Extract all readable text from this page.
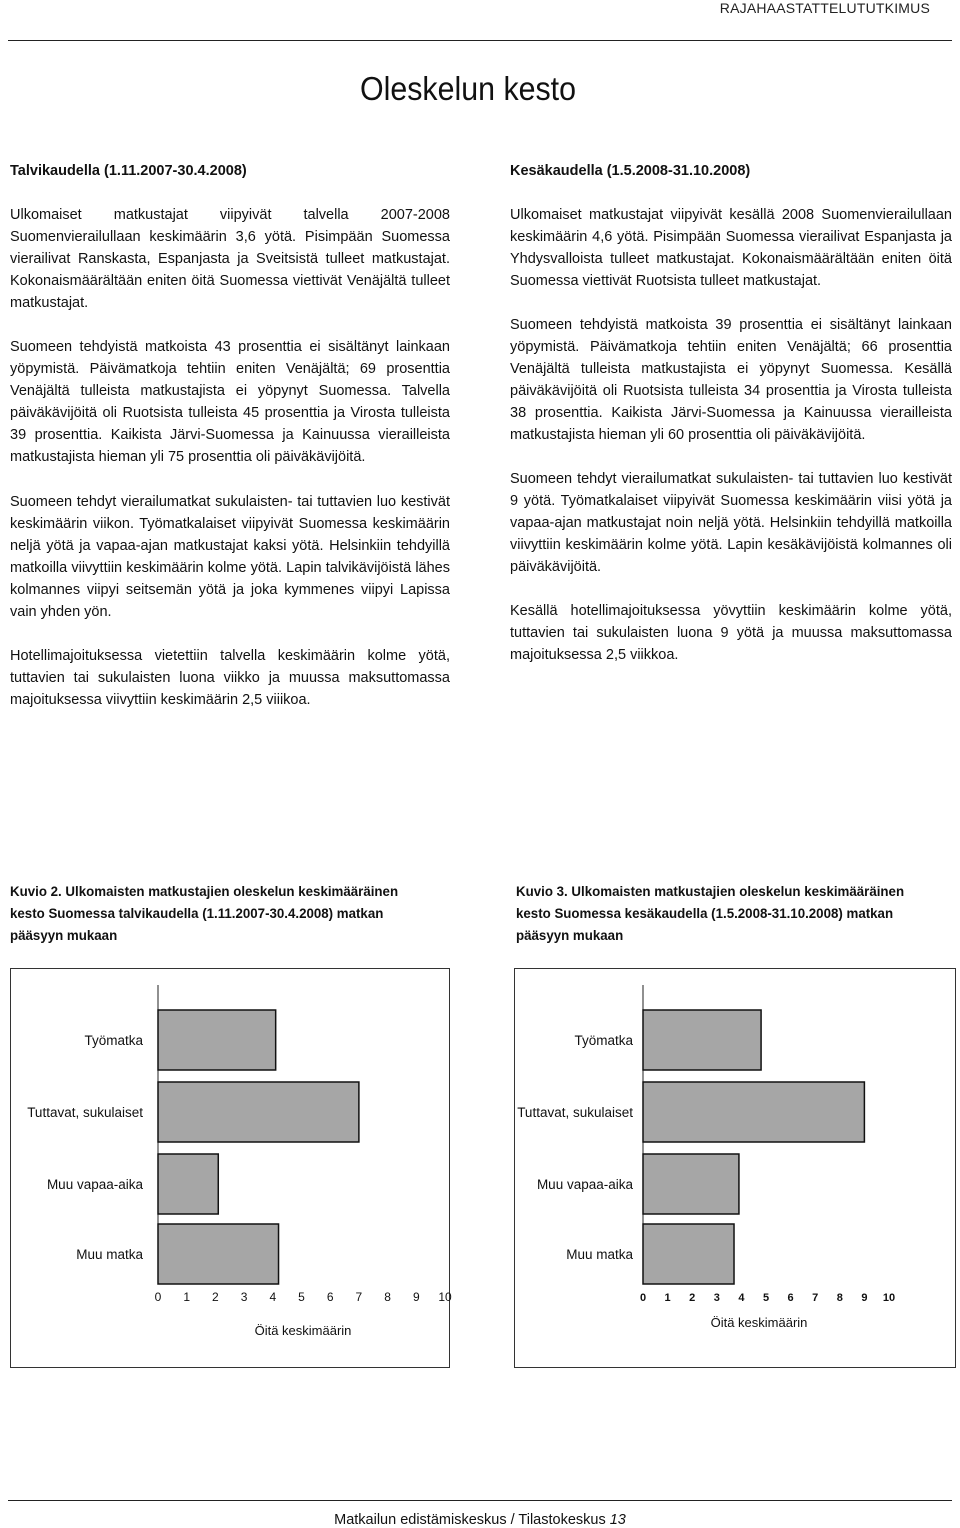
RAJAHAASTATTELUTUTKIMUS
Oleskelun kesto
Talvikaudella (1.11.2007-30.4.2008)

Ulkomaiset matkustajat viipyivät talvella 2007-2008 Suomenvierailullaan keskimäärin 3,6 yötä. Pisimpään Suomessa vierailivat Ranskasta, Espanjasta ja Sveitsistä tulleet matkustajat. Kokonaismäärältään eniten öitä Suomessa viettivät Venäjältä tulleet matkustajat.

Suomeen tehdyistä matkoista 43 prosenttia ei sisältänyt lainkaan yöpymistä. Päivämatkoja tehtiin eniten Venäjältä; 69 prosenttia Venäjältä tulleista matkustajista ei yöpynyt Suomessa. Talvella päiväkävijöitä oli Ruotsista tulleista 45 prosenttia ja Virosta tulleista 39 prosenttia. Kaikista Järvi-Suomessa ja Kainuussa vierailleista matkustajista hieman yli 75 prosenttia oli päiväkävijöitä.

Suomeen tehdyt vierailumatkat sukulaisten- tai tuttavien luo kestivät keskimäärin viikon. Työmatkalaiset viipyivät Suomessa keskimäärin neljä yötä ja vapaa-ajan matkustajat kaksi yötä. Helsinkiin tehdyillä matkoilla viivyttiin keskimäärin kolme yötä. Lapin talvikävijöistä lähes kolmannes viipyi seitsemän yötä ja joka kymmenes viipyi Lapissa vain yhden yön.

Hotellimajoituksessa vietettiin talvella keskimäärin kolme yötä, tuttavien tai sukulaisten luona viikko ja muussa maksuttomassa majoituksessa viivyttiin keskimäärin 2,5 viiikoa.

Kesäkaudella (1.5.2008-31.10.2008)

Ulkomaiset matkustajat viipyivät kesällä 2008 Suomenvierailullaan keskimäärin 4,6 yötä. Pisimpään Suomessa vierailivat Espanjasta ja Yhdysvalloista tulleet matkustajat. Kokonaismäärältään eniten öitä Suomessa viettivät Ruotsista tulleet matkustajat.

Suomeen tehdyistä matkoista 39 prosenttia ei sisältänyt lainkaan yöpymistä. Päivämatkoja tehtiin eniten Venäjältä; 66 prosenttia Venäjältä tulleista matkustajista ei yöpynyt Suomessa. Kesällä päiväkävijöitä oli Ruotsista tulleista 34 prosenttia ja Virosta tulleista 38 prosenttia. Kaikista Järvi-Suomessa ja Kainuussa vierailleista matkustajista hieman yli 60 prosenttia oli päiväkävijöitä.

Suomeen tehdyt vierailumatkat sukulaisten- tai tuttavien luo kestivät 9 yötä. Työmatkalaiset viipyivät Suomessa keskimäärin viisi yötä ja vapaa-ajan matkustajat noin neljä yötä. Helsinkiin tehdyillä matkoilla viivyttiin keskimäärin kolme yötä. Lapin kesäkävijöistä kolmannes oli päiväkävijöitä.

Kesällä hotellimajoituksessa yövyttiin keskimäärin kolme yötä, tuttavien tai sukulaisten luona 9 yötä ja muussa maksuttomassa majoituksessa 2,5 viikkoa.

Kuvio 2. Ulkomaisten matkustajien oleskelun keskimääräinen kesto Suomessa talvikaudella (1.11.2007-30.4.2008) matkan pääsyyn mukaan
Kuvio 3. Ulkomaisten matkustajien oleskelun keskimääräinen kesto Suomessa kesäkaudella (1.5.2008-31.10.2008) matkan pääsyyn mukaan
Työmatka
Tuttavat, sukulaiset
Muu vapaa-aika
Muu matka
0 1 2 3 4 5 6 7 8 9 10
Öitä keskimäärin
Työmatka
Tuttavat, sukulaiset
Muu vapaa-aika
Muu matka
0 1 2 3 4 5 6 7 8 9 10
Öitä keskimäärin
Matkailun edistämiskeskus / Tilastokeskus 13
